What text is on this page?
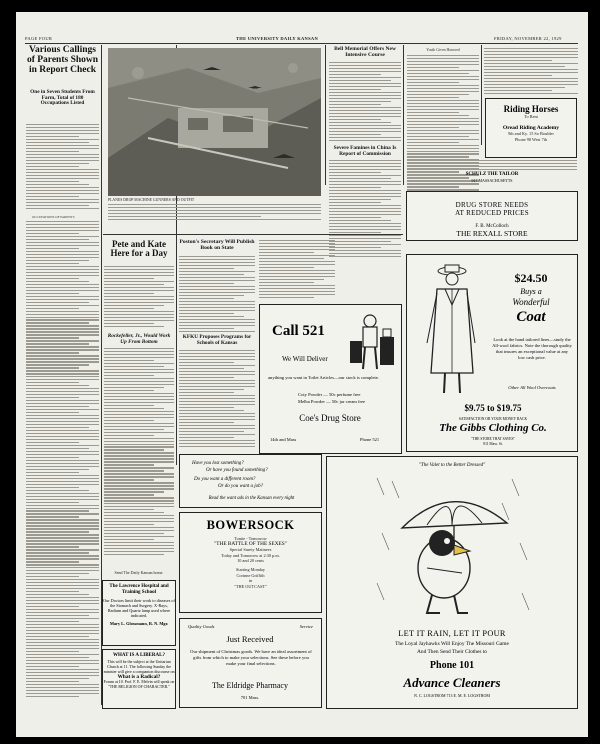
PAGE FOUR	THE UNIVERSITY DAILY KANSAN	FRIDAY, NOVEMBER 22, 1929
Various Callings of Parents Shown in Report Check
One in Seven Students From Farm, Total of 180 Occupations Listed
OCCUPATIONS OF PARENTS
PLANES DROP MACHINE GUNNERS AND OUTFIT
Bell Memorial Offers New Intensive Course
Severe Famines in China Is Report of Commission
Youth Given Honored
Riding Horses
To Rent
Oread Riding Academy
9th and Ky. 15 So Boulder
Phone 98 West 7th
SCHULZ THE TAILOR
917 MASSACHUSETTS
DRUG STORE NEEDS
AT REDUCED PRICES
F. B. McColloch
THE REXALL STORE
Pete and Kate Here for a Day
Rockefeller, Jr., Would Work Up From Bottom
Send The Daily Kansan home.
Poston's Secretary Will Publish Book on State
KFKU Proposes Programs for Schools of Kansas
Call 521
We Will Deliver
anything you want in Toilet Articles—our stock is complete.
Coty Powder — 50c perfume free
Melba Powder — 50c jar cream free
Coe's Drug Store
14th and Mass	Phone 521
$24.50
Buys a
Wonderful
Coat
Look at the hand tailored lines—study the All-wool fabrics. Note the thorough quality that insures an exceptional value at any low cash price.
Other All Wool Overcoats
$9.75 to $19.75
SATISFACTION OR YOUR MONEY BACK
The Gibbs Clothing Co.
"THE STORE THAT SAVES"
811 Mass. St.
Have you lost something?
Or have you found something?
Do you want a different room?
Or do you want a job?
Read the want ads in the Kansan every night
BOWERSOCK
Tonite - Tomorrow
"THE BATTLE OF THE SEXES"
Special Surety Matinees
Today and Tomorrow at 2:30 p.m.
10 and 20 cents
Starting Monday
Corinne Griffith
in
"THE OUTCAST"
Quality Goods	Service
Just Received
Our shipment of Christmas goods. We have an ideal assortment of gifts from which to make your selections. See these before you make your final selections.
The Eldridge Pharmacy
701 Mass.
"The Valet to the Better Dressed"
LET IT RAIN, LET IT POUR
The Loyal Jayhawks Will Enjoy The Missouri Game
And Then Send Their Clothes to
Phone 101
Advance Cleaners
N. C. LOGSTROM 713 E. M. E. LOGSTROM
The Lawrence Hospital and Training School
Our Doctors limit their work to diseases of the Stomach and Surgery. X-Rays, Radium and Quartz lamp used where indicated.
Mary L. Glossmann, R. N. Mgr.
WHAT IS A LIBERAL?
This will be the subject at the Unitarian Church at 11. The following Sunday the minister will give a companion discourse on
What is a Radical?
Forum at 10. Prof. F. E. Melvin will speak on "THE RELIGION OF CHARACTER."
